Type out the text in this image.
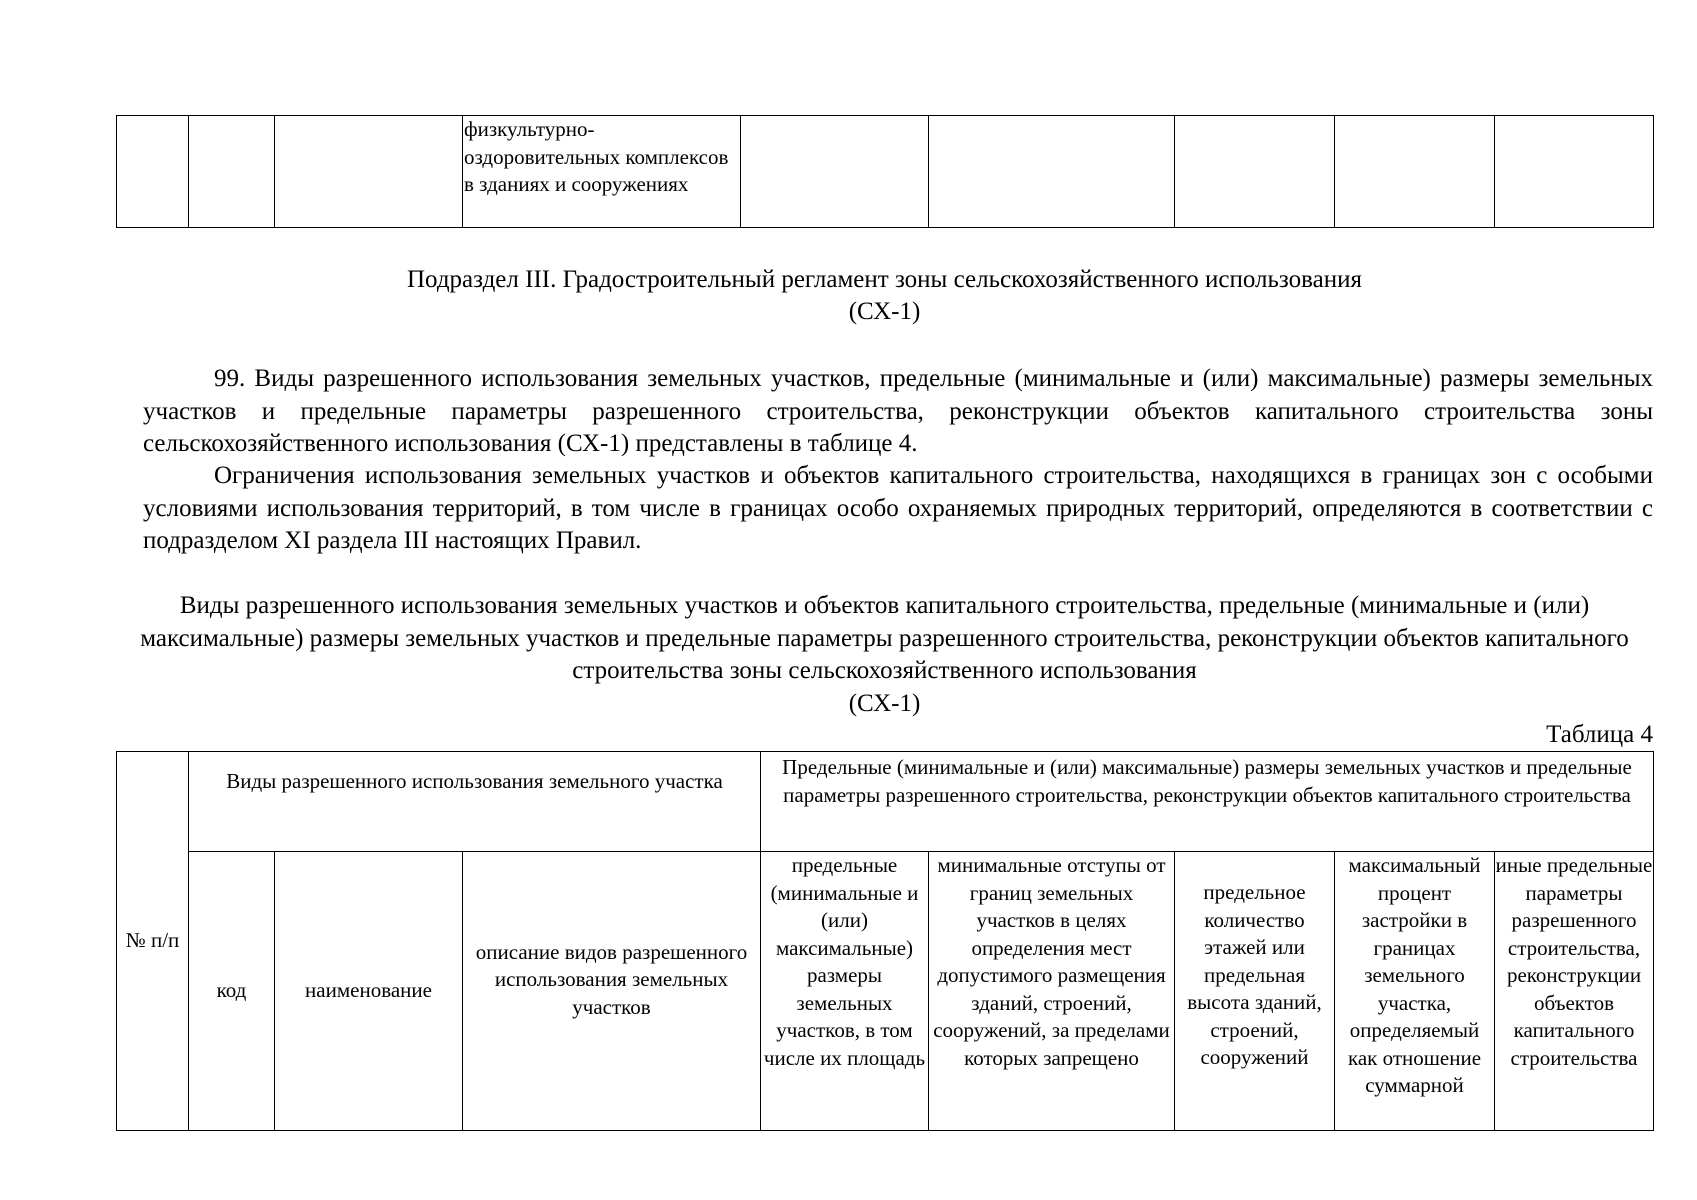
			физкультурно-оздоровительных комплексов в зданиях и сооружениях					
Подраздел III. Градостроительный регламент зоны сельскохозяйственного использования
(СХ-1)
99. Виды разрешенного использования земельных участков, предельные (минимальные и (или) максимальные) размеры земельных участков и предельные параметры разрешенного строительства, реконструкции объектов капитального строительства зоны сельскохозяйственного использования (СХ-1) представлены в таблице 4.
Ограничения использования земельных участков и объектов капитального строительства, находящихся в границах зон с особыми условиями использования территорий, в том числе в границах особо охраняемых природных территорий, определяются в соответствии с подразделом XI раздела III настоящих Правил.
Виды разрешенного использования земельных участков и объектов капитального строительства, предельные (минимальные и (или) максимальные) размеры земельных участков и предельные параметры разрешенного строительства, реконструкции объектов капитального строительства зоны сельскохозяйственного использования
(СХ-1)
Таблица 4
№ п/п	Виды разрешенного использования земельного участка			Предельные (минимальные и (или) максимальные) размеры земельных участков и предельные параметры разрешенного строительства, реконструкции объектов капитального строительства				
	код	наименование	описание видов разрешенного использования земельных участков	предельные (минимальные и (или) максимальные) размеры земельных участков, в том числе их площадь	минимальные отступы от границ земельных участков в целях определения мест допустимого размещения зданий, строений, сооружений, за пределами которых запрещено	предельное количество этажей или предельная высота зданий, строений, сооружений	максимальный процент застройки в границах земельного участка, определяемый как отношение суммарной	иные предельные параметры разрешенного строительства, реконструкции объектов капитального строительства
